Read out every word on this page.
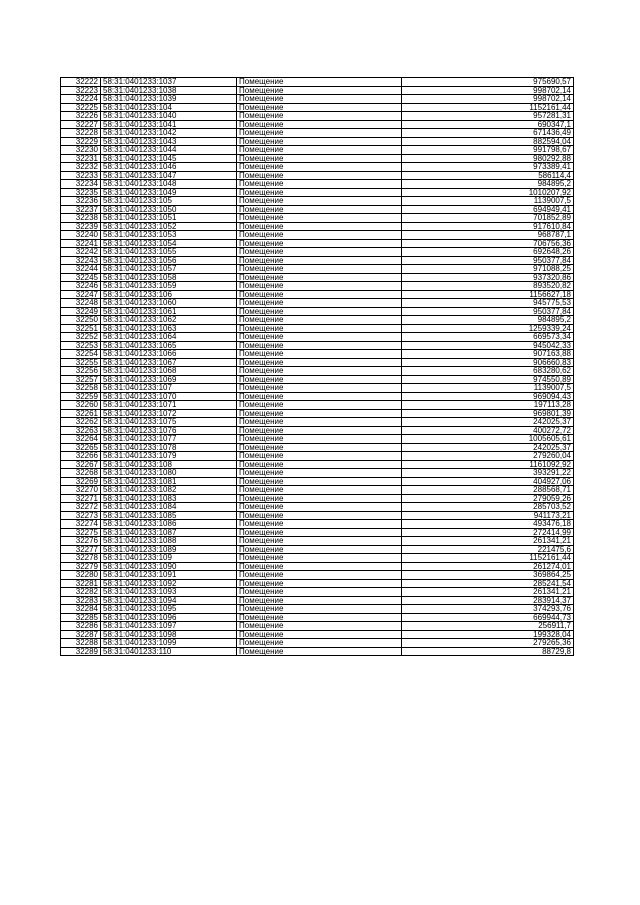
32222	58:31:0401233:1037	Помещение	975690,57
32223	58:31:0401233:1038	Помещение	998702,14
32224	58:31:0401233:1039	Помещение	998702,14
32225	58:31:0401233:104	Помещение	1152161,44
32226	58:31:0401233:1040	Помещение	957281,31
32227	58:31:0401233:1041	Помещение	690347,1
32228	58:31:0401233:1042	Помещение	671436,49
32229	58:31:0401233:1043	Помещение	882594,04
32230	58:31:0401233:1044	Помещение	991798,67
32231	58:31:0401233:1045	Помещение	980292,88
32232	58:31:0401233:1046	Помещение	973389,41
32233	58:31:0401233:1047	Помещение	586114,4
32234	58:31:0401233:1048	Помещение	984895,2
32235	58:31:0401233:1049	Помещение	1010207,92
32236	58:31:0401233:105	Помещение	1139007,5
32237	58:31:0401233:1050	Помещение	694949,41
32238	58:31:0401233:1051	Помещение	701852,89
32239	58:31:0401233:1052	Помещение	917610,84
32240	58:31:0401233:1053	Помещение	968787,1
32241	58:31:0401233:1054	Помещение	706756,36
32242	58:31:0401233:1055	Помещение	692648,26
32243	58:31:0401233:1056	Помещение	950377,84
32244	58:31:0401233:1057	Помещение	971088,25
32245	58:31:0401233:1058	Помещение	937320,86
32246	58:31:0401233:1059	Помещение	893520,82
32247	58:31:0401233:106	Помещение	1156627,18
32248	58:31:0401233:1060	Помещение	945775,53
32249	58:31:0401233:1061	Помещение	950377,84
32250	58:31:0401233:1062	Помещение	984895,2
32251	58:31:0401233:1063	Помещение	1259339,24
32252	58:31:0401233:1064	Помещение	669573,34
32253	58:31:0401233:1065	Помещение	945042,33
32254	58:31:0401233:1066	Помещение	907163,88
32255	58:31:0401233:1067	Помещение	906660,83
32256	58:31:0401233:1068	Помещение	683280,62
32257	58:31:0401233:1069	Помещение	974550,89
32258	58:31:0401233:107	Помещение	1139007,5
32259	58:31:0401233:1070	Помещение	969094,43
32260	58:31:0401233:1071	Помещение	197113,28
32261	58:31:0401233:1072	Помещение	969801,39
32262	58:31:0401233:1075	Помещение	242025,37
32263	58:31:0401233:1076	Помещение	400272,72
32264	58:31:0401233:1077	Помещение	1005605,61
32265	58:31:0401233:1078	Помещение	242025,37
32266	58:31:0401233:1079	Помещение	279260,04
32267	58:31:0401233:108	Помещение	1161092,92
32268	58:31:0401233:1080	Помещение	393291,22
32269	58:31:0401233:1081	Помещение	404927,06
32270	58:31:0401233:1082	Помещение	288568,71
32271	58:31:0401233:1083	Помещение	279059,26
32272	58:31:0401233:1084	Помещение	285703,52
32273	58:31:0401233:1085	Помещение	941173,21
32274	58:31:0401233:1086	Помещение	493476,18
32275	58:31:0401233:1087	Помещение	272414,99
32276	58:31:0401233:1088	Помещение	261341,21
32277	58:31:0401233:1089	Помещение	221475,6
32278	58:31:0401233:109	Помещение	1152161,44
32279	58:31:0401233:1090	Помещение	261274,01
32280	58:31:0401233:1091	Помещение	369864,25
32281	58:31:0401233:1092	Помещение	285241,54
32282	58:31:0401233:1093	Помещение	261341,21
32283	58:31:0401233:1094	Помещение	283914,37
32284	58:31:0401233:1095	Помещение	374293,76
32285	58:31:0401233:1096	Помещение	669944,73
32286	58:31:0401233:1097	Помещение	256911,7
32287	58:31:0401233:1098	Помещение	199328,04
32288	58:31:0401233:1099	Помещение	279265,36
32289	58:31:0401233:110	Помещение	88729,8
